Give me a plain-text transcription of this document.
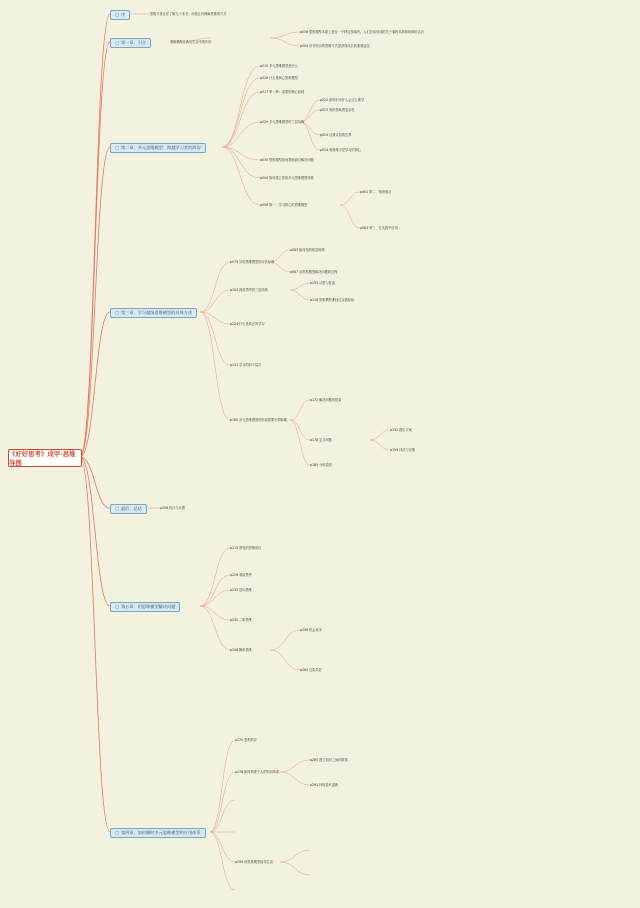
《好好思考》成甲-思维导图
▢ 序
▢ 第一章、引言
▢ 第二章、多元思维模型：跨越学习者的鸿沟
▢ 第三章、学习超级思维模型的具体方法
▢ 最后、总结
▢ 第五章、用思维模型解决问题
▢ 第四章、如何随时多元思维模型和应用体系
思维不是让你了解几十本书，而是让你理解思维的方式
思维模型在我们生活中的作用
p036 思维模型本质上是在一个特定领域内，人们总结形成的关于事物本质和规律的认识
p004 好书给出的思维方式是获得成长的重要途径
p015 多元思维模型是什么
p016 什么是核心思维模型
p017 第一种：重要的核心原则
p029 多元思维模型的三层结构
p022 新知识为什么会这么难学
p023 知识领域的复杂性
p024 自我认知的边界
p034 刻意练习是学习的核心
p035 思维模型如何帮助我们解决问题
p040 如何建立你的多元思维模型体系
p056 第一、学习核心的思维模型
p061 第二、刻意练习
p064 第三、在实践中应用
p079 好的思维模型的评价标准
p083 如何找到底层规律
p087 用思维模型解决问题的过程
p102 深度思考的三层结构
p109 反思与复盘
p118 思维模型要经过实践检验
p124 什么是真正的学习
p131 学习的四个层次
p160 多元思维模型的形成需要长期积累
p172 解决问题的框架
p178 定义问题
p185 分析原因
p192 提出方案
p199 评估与决策
p208 执行与反馈
p215 常见的思维误区
p226 系统思考
p232 逆向思维
p240 二阶思维
p248 概率思维
p256 机会成本
p264 边际效应
p270 复利效应
p278 如何构建个人的知识体系
p285 建立知识之间的联系
p291 持续迭代更新
p299 用思维模型指导生活
